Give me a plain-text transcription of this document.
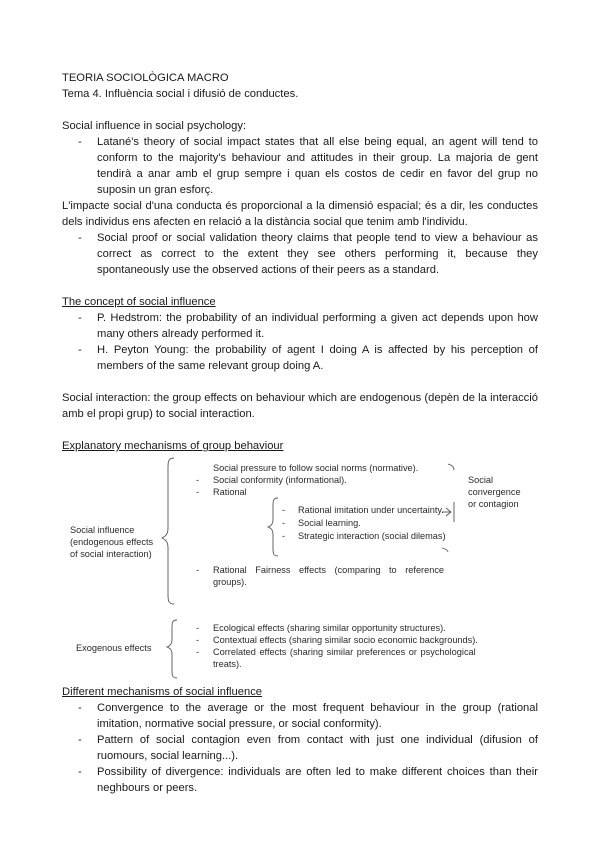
TEORIA SOCIOLÒGICA MACRO

Tema 4. Influència social i difusió de conductes.

Social influence in social psychology:

- Latané's theory of social impact states that all else being equal, an agent will tend to conform to the majority's behaviour and attitudes in their group. La majoria de gent tendirà a anar amb el grup sempre i quan els costos de cedir en favor del grup no suposin un gran esforç.

L'impacte social d'una conducta és proporcional a la dimensió espacial; és a dir, les conductes dels individus ens afecten en relació a la distància social que tenim amb l'individu.

- Social proof or social validation theory claims that people tend to view a behaviour as correct as correct to the extent they see others performing it, because they spontaneously use the observed actions of their peers as a standard.

The concept of social influence

- P. Hedstrom: the probability of an individual performing a given act depends upon how many others already performed it.
- H. Peyton Young: the probability of agent I doing A is affected by his perception of members of the same relevant group doing A.

Social interaction: the group effects on behaviour which are endogenous (depèn de la interacció amb el propi grup) to social interaction.

Explanatory mechanisms of group behaviour

Social influence
(endogenous effects
of social interaction)
Social pressure to follow social norms (normative).
- Social conformity (informational).
- Rational
- Rational imitation under uncertainty.
- Social learning.
- Strategic interaction (social dilemas)
Social
convergence
or contagion
- Rational Fairness effects (comparing to reference
groups).
Exogenous effects
- Ecological effects (sharing similar opportunity structures).
- Contextual effects (sharing similar socio economic backgrounds).
- Correlated effects (sharing similar preferences or psychological
treats).

Different mechanisms of social influence

- Convergence to the average or the most frequent behaviour in the group (rational imitation, normative social pressure, or social conformity).
- Pattern of social contagion even from contact with just one individual (difusion of ruomours, social learning...).
- Possibility of divergence: individuals are often led to make different choices than their neghbours or peers.
